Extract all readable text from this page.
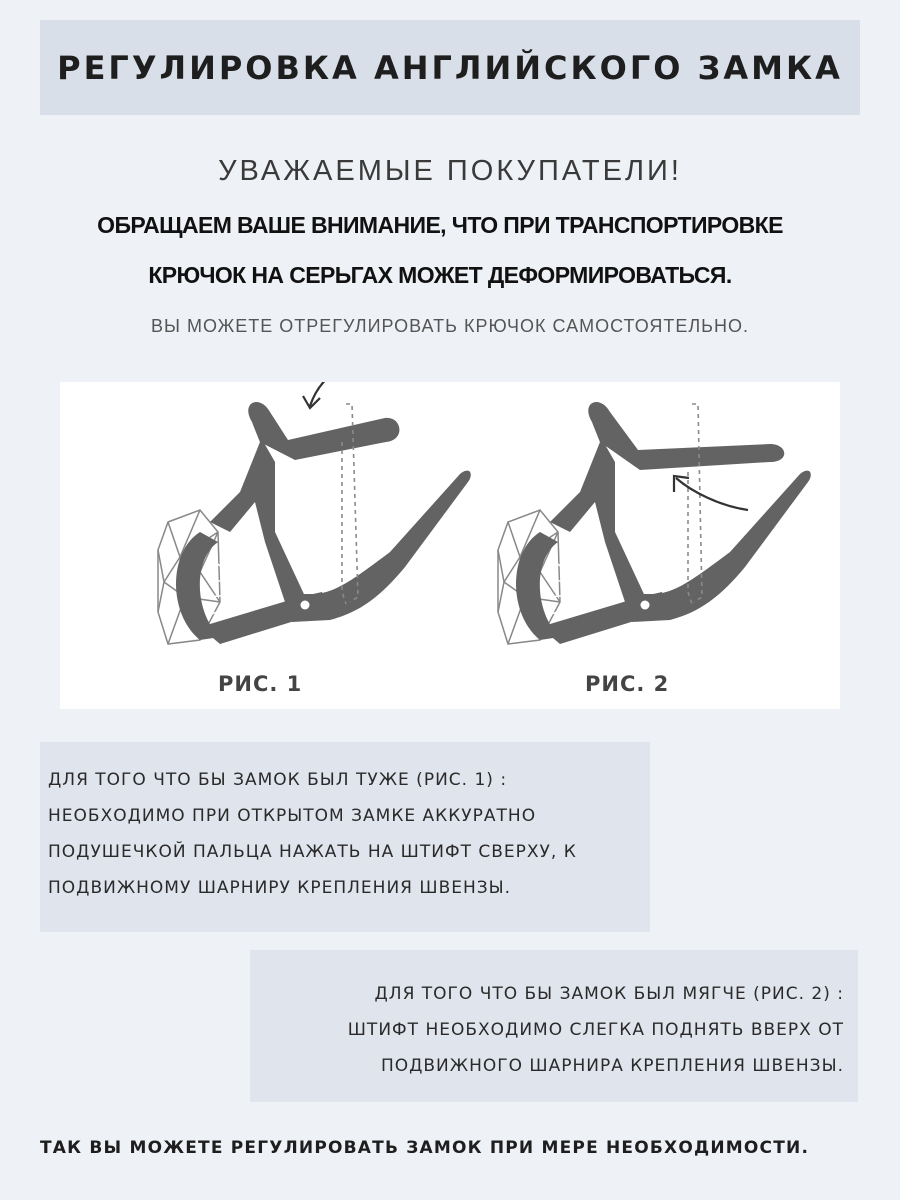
РЕГУЛИРОВКА АНГЛИЙСКОГО ЗАМКА
УВАЖАЕМЫЕ ПОКУПАТЕЛИ!
ОБРАЩАЕМ ВАШЕ ВНИМАНИЕ, ЧТО ПРИ ТРАНСПОРТИРОВКЕ
КРЮЧОК НА СЕРЬГАХ МОЖЕТ ДЕФОРМИРОВАТЬСЯ.
ВЫ МОЖЕТЕ ОТРЕГУЛИРОВАТЬ КРЮЧОК САМОСТОЯТЕЛЬНО.
РИС. 1	РИС. 2

ДЛЯ ТОГО ЧТО БЫ ЗАМОК БЫЛ ТУЖЕ (РИС. 1) :

НЕОБХОДИМО ПРИ ОТКРЫТОМ ЗАМКЕ АККУРАТНО

ПОДУШЕЧКОЙ ПАЛЬЦА НАЖАТЬ НА ШТИФТ СВЕРХУ, К

ПОДВИЖНОМУ ШАРНИРУ КРЕПЛЕНИЯ ШВЕНЗЫ.

ДЛЯ ТОГО ЧТО БЫ ЗАМОК БЫЛ МЯГЧЕ (РИС. 2) :

ШТИФТ НЕОБХОДИМО СЛЕГКА ПОДНЯТЬ ВВЕРХ ОТ

ПОДВИЖНОГО ШАРНИРА КРЕПЛЕНИЯ ШВЕНЗЫ.

ТАК ВЫ МОЖЕТЕ РЕГУЛИРОВАТЬ ЗАМОК ПРИ МЕРЕ НЕОБХОДИМОСТИ.
